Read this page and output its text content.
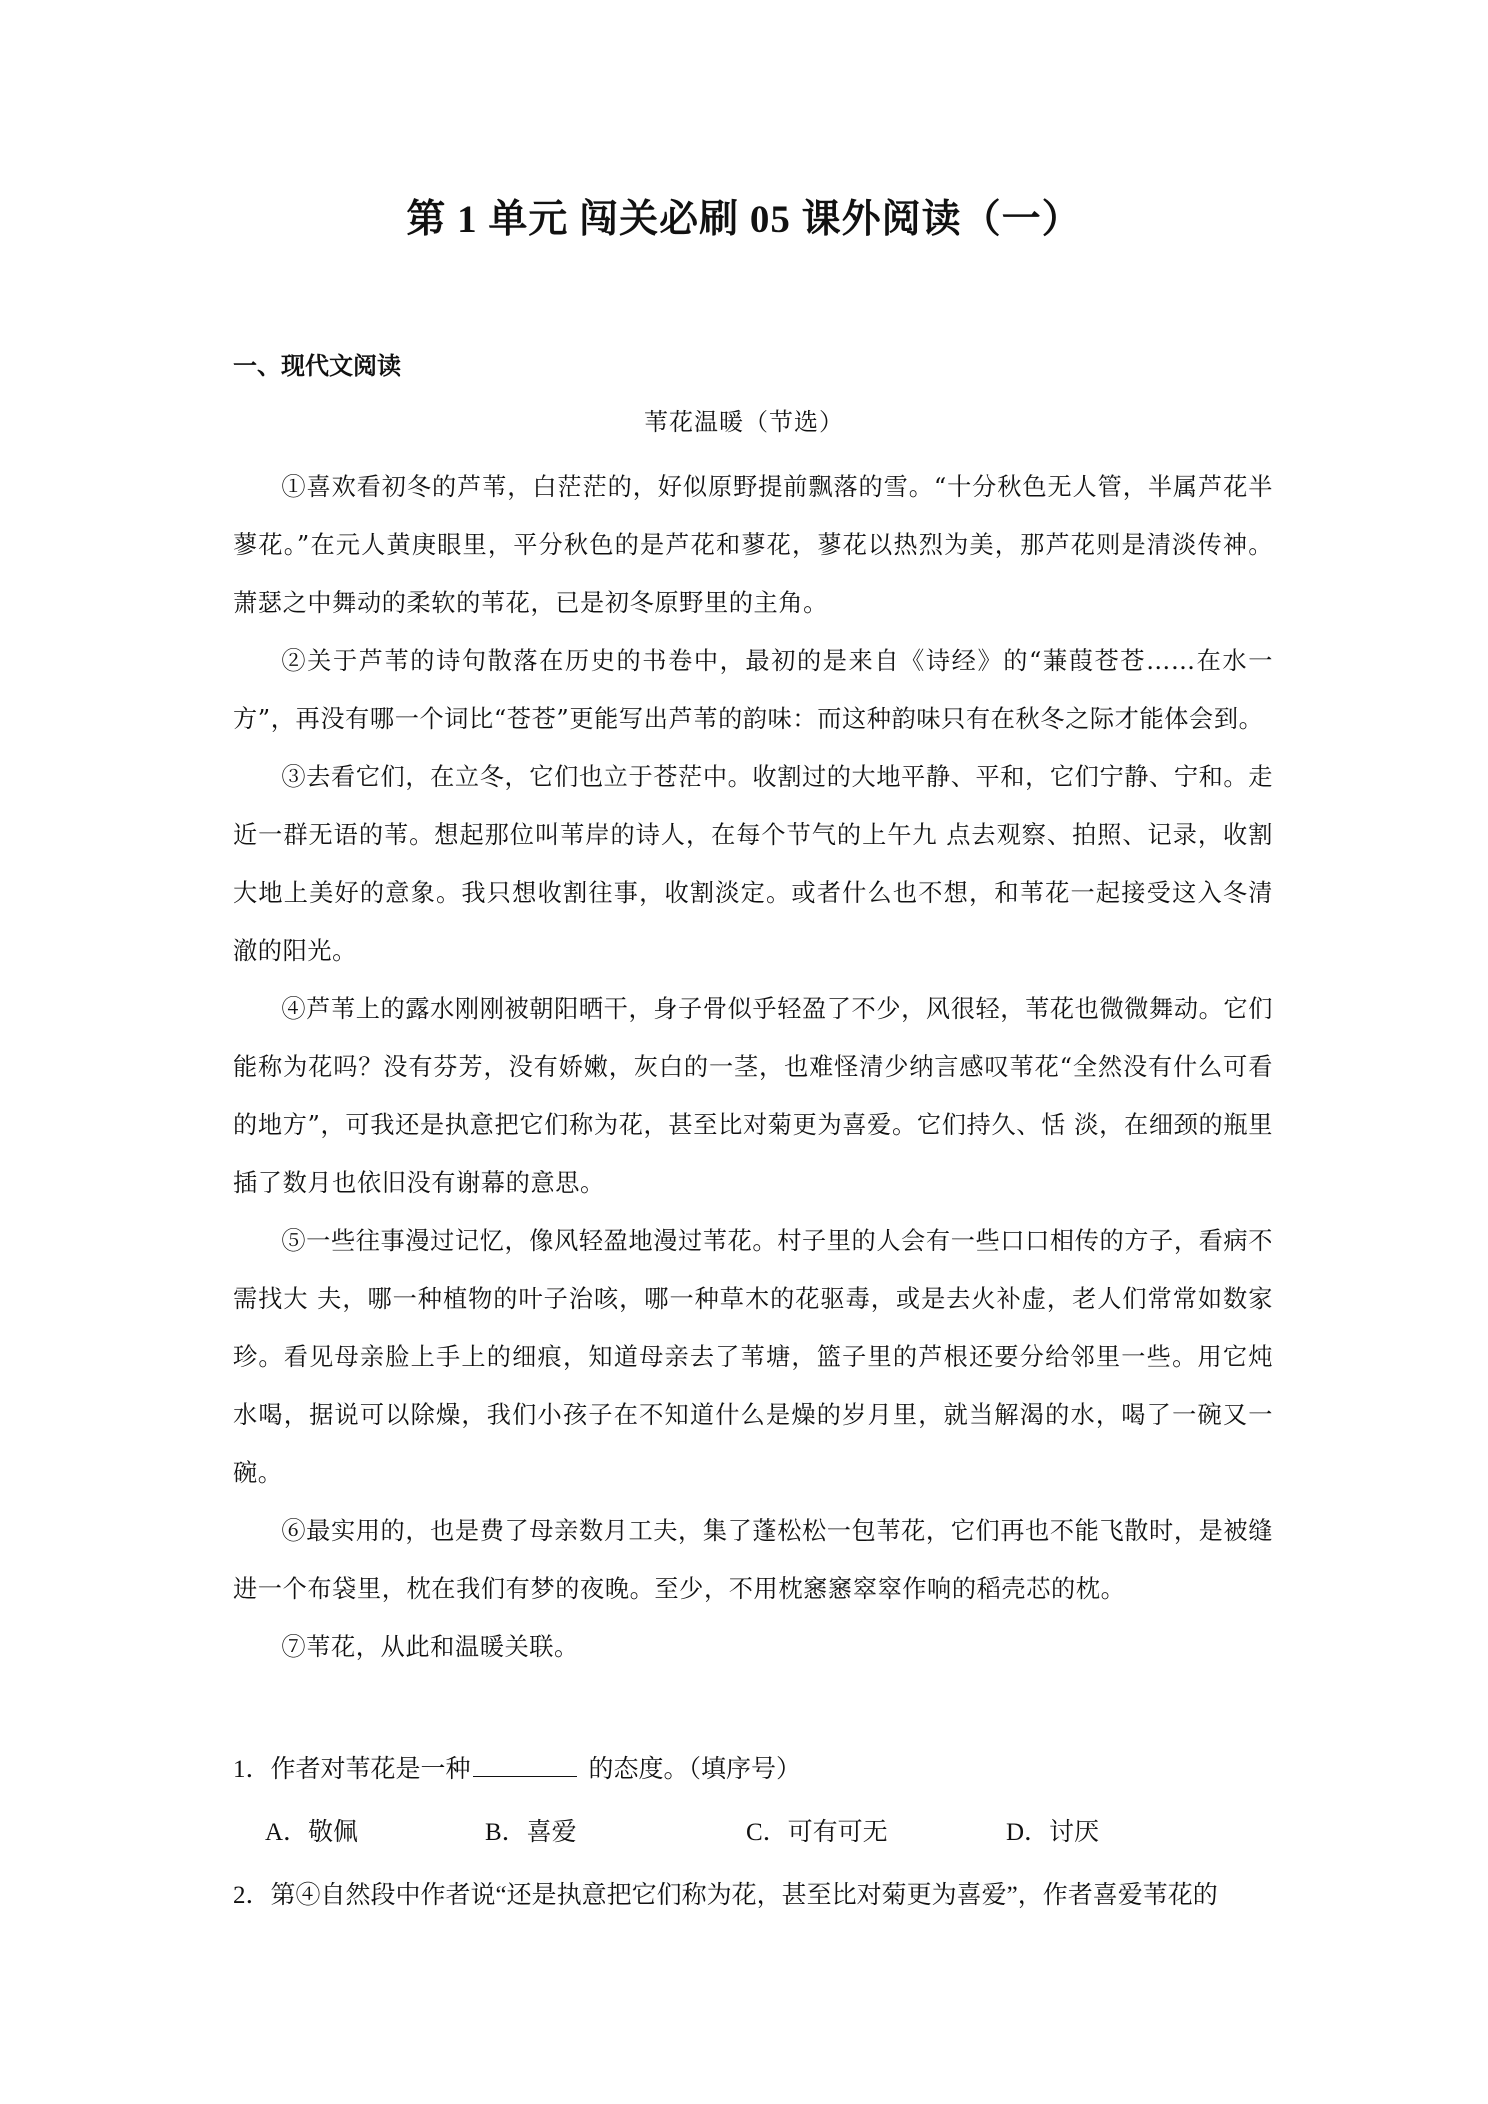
第 1 单元 闯关必刷 05 课外阅读（一）
一、现代文阅读
苇花温暖（节选）

①喜欢看初冬的芦苇，白茫茫的，好似原野提前飘落的雪。“十分秋色无人管，半属芦花半蓼花。”在元人黄庚眼里，平分秋色的是芦花和蓼花，蓼花以热烈为美，那芦花则是清淡传神。萧瑟之中舞动的柔软的苇花，已是初冬原野里的主角。

②关于芦苇的诗句散落在历史的书卷中，最初的是来自《诗经》的“蒹葭苍苍……在水一方”，再没有哪一个词比“苍苍”更能写出芦苇的韵味：而这种韵味只有在秋冬之际才能体会到。

③去看它们，在立冬，它们也立于苍茫中。收割过的大地平静、平和，它们宁静、宁和。走近一群无语的苇。想起那位叫苇岸的诗人，在每个节气的上午九 点去观察、拍照、记录，收割大地上美好的意象。我只想收割往事，收割淡定。或者什么也不想，和苇花一起接受这入冬清澈的阳光。

④芦苇上的露水刚刚被朝阳晒干，身子骨似乎轻盈了不少，风很轻，苇花也微微舞动。它们能称为花吗？没有芬芳，没有娇嫩，灰白的一茎，也难怪清少纳言感叹苇花“全然没有什么可看的地方”，可我还是执意把它们称为花，甚至比对菊更为喜爱。它们持久、恬 淡，在细颈的瓶里插了数月也依旧没有谢幕的意思。

⑤一些往事漫过记忆，像风轻盈地漫过苇花。村子里的人会有一些口口相传的方子，看病不需找大 夫，哪一种植物的叶子治咳，哪一种草木的花驱毒，或是去火补虚，老人们常常如数家珍。看见母亲脸上手上的细痕，知道母亲去了苇塘，篮子里的芦根还要分给邻里一些。用它炖水喝，据说可以除燥，我们小孩子在不知道什么是燥的岁月里，就当解渴的水，喝了一碗又一碗。

⑥最实用的，也是费了母亲数月工夫，集了蓬松松一包苇花，它们再也不能飞散时，是被缝进一个布袋里，枕在我们有梦的夜晚。至少，不用枕窸窸窣窣作响的稻壳芯的枕。

⑦苇花，从此和温暖关联。

1．作者对苇花是一种	的态度。（填序号）
A．敬佩	B．喜爱	C．可有可无	D．讨厌
2．第④自然段中作者说“还是执意把它们称为花，甚至比对菊更为喜爱”，作者喜爱苇花的
